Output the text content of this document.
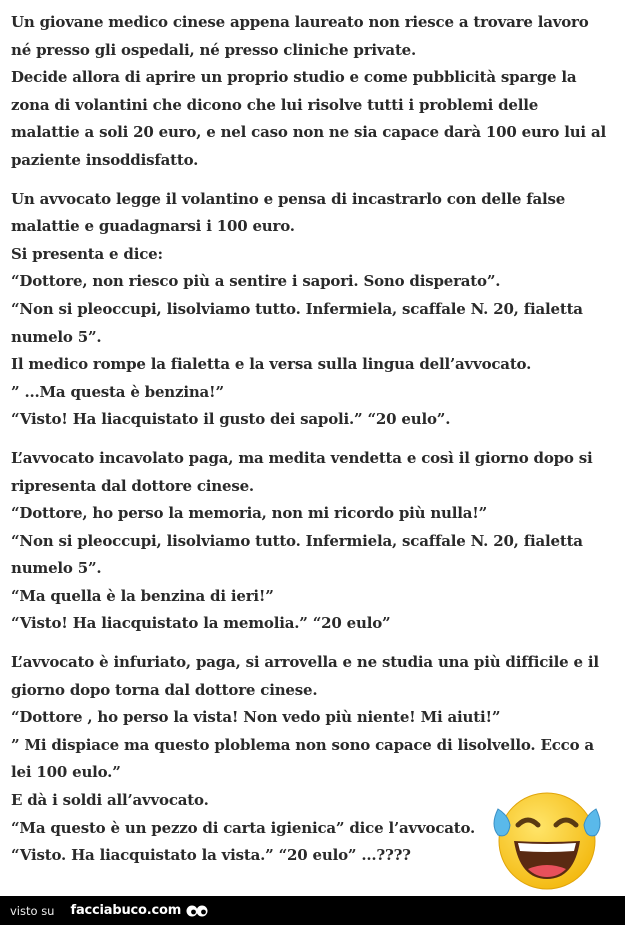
Un giovane medico cinese appena laureato non riesce a trovare lavoro

né presso gli ospedali, né presso cliniche private.

Decide allora di aprire un proprio studio e come pubblicità sparge la

zona di volantini che dicono che lui risolve tutti i problemi delle

malattie a soli 20 euro, e nel caso non ne sia capace darà 100 euro lui al

paziente insoddisfatto.

Un avvocato legge il volantino e pensa di incastrarlo con delle false

malattie e guadagnarsi i 100 euro.

Si presenta e dice:

“Dottore, non riesco più a sentire i sapori. Sono disperato”.

“Non si pleoccupi, lisolviamo tutto. Infermiela, scaffale N. 20, fialetta

numelo 5”.

Il medico rompe la fialetta e la versa sulla lingua dell’avvocato.

” ...Ma questa è benzina!”

“Visto! Ha liacquistato il gusto dei sapoli.” “20 eulo”.

L’avvocato incavolato paga, ma medita vendetta e così il giorno dopo si

ripresenta dal dottore cinese.

“Dottore, ho perso la memoria, non mi ricordo più nulla!”

“Non si pleoccupi, lisolviamo tutto. Infermiela, scaffale N. 20, fialetta

numelo 5”.

“Ma quella è la benzina di ieri!”

“Visto! Ha liacquistato la memolia.” “20 eulo”

L’avvocato è infuriato, paga, si arrovella e ne studia una più difficile e il

giorno dopo torna dal dottore cinese.

“Dottore , ho perso la vista! Non vedo più niente! Mi aiuti!”

” Mi dispiace ma questo ploblema non sono capace di lisolvello. Ecco a

lei 100 eulo.”

E dà i soldi all’avvocato.

“Ma questo è un pezzo di carta igienica” dice l’avvocato.

“Visto. Ha liacquistato la vista.” “20 eulo” ...????

visto su facciabuco.com
